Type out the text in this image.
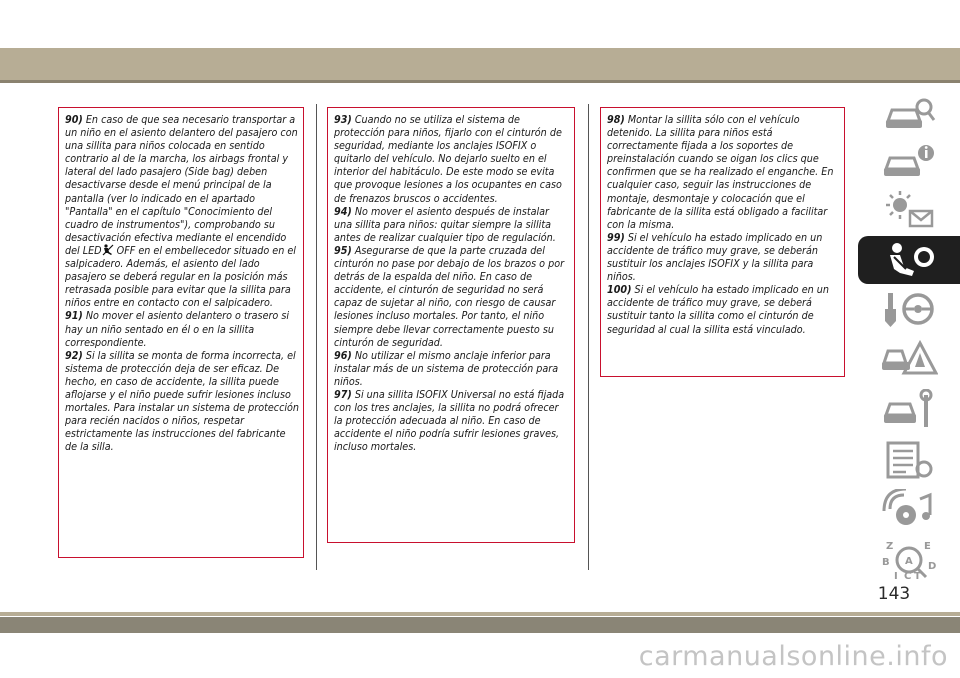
90) En caso de que sea necesario transportar a un niño en el asiento delantero del pasajero con una sillita para niños colocada en sentido contrario al de la marcha, los airbags frontal y lateral del lado pasajero (Side bag) deben desactivarse desde el menú principal de la pantalla (ver lo indicado en el apartado "Pantalla" en el capítulo "Conocimiento del cuadro de instrumentos"), comprobando su desactivación efectiva mediante el encendido del LED OFF en el embellecedor situado en el salpicadero. Además, el asiento del lado pasajero se deberá regular en la posición más retrasada posible para evitar que la sillita para niños entre en contacto con el salpicadero.

91) No mover el asiento delantero o trasero si hay un niño sentado en él o en la sillita correspondiente.

92) Si la sillita se monta de forma incorrecta, el sistema de protección deja de ser eficaz. De hecho, en caso de accidente, la sillita puede aflojarse y el niño puede sufrir lesiones incluso mortales. Para instalar un sistema de protección para recién nacidos o niños, respetar estrictamente las instrucciones del fabricante de la silla.

93) Cuando no se utiliza el sistema de protección para niños, fijarlo con el cinturón de seguridad, mediante los anclajes ISOFIX o quitarlo del vehículo. No dejarlo suelto en el interior del habitáculo. De este modo se evita que provoque lesiones a los ocupantes en caso de frenazos bruscos o accidentes.

94) No mover el asiento después de instalar una sillita para niños: quitar siempre la sillita antes de realizar cualquier tipo de regulación.

95) Asegurarse de que la parte cruzada del cinturón no pase por debajo de los brazos o por detrás de la espalda del niño. En caso de accidente, el cinturón de seguridad no será capaz de sujetar al niño, con riesgo de causar lesiones incluso mortales. Por tanto, el niño siempre debe llevar correctamente puesto su cinturón de seguridad.

96) No utilizar el mismo anclaje inferior para instalar más de un sistema de protección para niños.

97) Si una sillita ISOFIX Universal no está fijada con los tres anclajes, la sillita no podrá ofrecer la protección adecuada al niño. En caso de accidente el niño podría sufrir lesiones graves, incluso mortales.

98) Montar la sillita sólo con el vehículo detenido. La sillita para niños está correctamente fijada a los soportes de preinstalación cuando se oigan los clics que confirmen que se ha realizado el enganche. En cualquier caso, seguir las instrucciones de montaje, desmontaje y colocación que el fabricante de la sillita está obligado a facilitar con la misma.

99) Si el vehículo ha estado implicado en un accidente de tráfico muy grave, se deberán sustituir los anclajes ISOFIX y la sillita para niños.

100) Si el vehículo ha estado implicado en un accidente de tráfico muy grave, se deberá sustituir tanto la sillita como el cinturón de seguridad al cual la sillita está vinculado.

Z	E
B A
C
D
I T
143
carmanualsonline.info
